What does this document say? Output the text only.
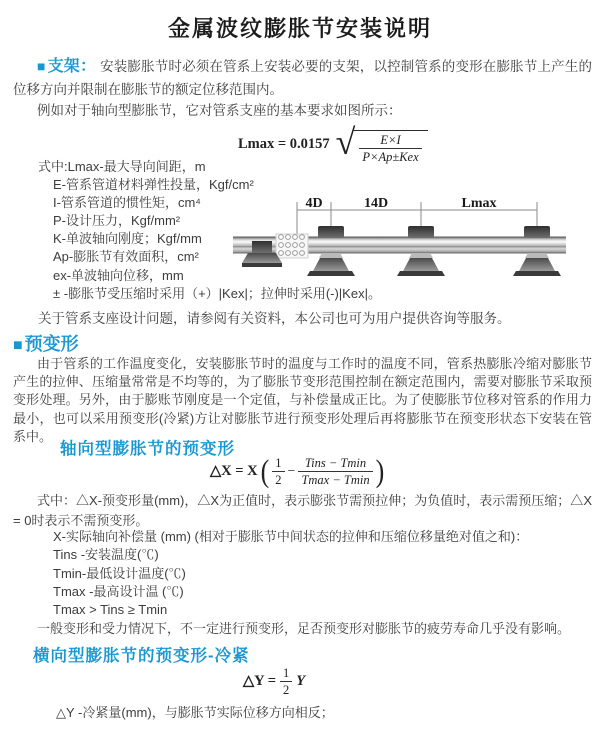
金属波纹膨胀节安装说明
■ 支架： 安装膨胀节时必须在管系上安装必要的支架，以控制管系的变形在膨胀节上产生的位移方向并限制在膨胀节的额定位移范围内。
例如对于轴向型膨胀节，它对管系支座的基本要求如图所示：
Lmax = 0.0157 √ $\frac{E\times I}{\text{P×Ap±Kex}}$
式中:Lmax-最大导向间距，m
E-管系管道材料弹性投量，Kgf/cm²
I-管系管道的惯性矩，cm⁴
P-设计压力，Kgf/mm²
K-单波轴向刚度；Kgf/mm
Ap-膨胀节有效面积，cm²
ex-单波轴向位移，mm
± -膨胀节受压缩时采用（+）|Kex|；拉伸时采用(-)|Kex|。
4D	14D	Lmax
关于管系支座设计问题，请参阅有关资料，本公司也可为用户提供咨询等服务。
■ 预变形
由于管系的工作温度变化，安装膨胀节时的温度与工作时的温度不同，管系热膨胀冷缩对膨胀节产生的拉伸、压缩量常常是不均等的，为了膨胀节变形范围控制在额定范围内，需要对膨胀节采取预变形处理。另外，由于膨账节刚度是一个定值，与补偿量成正比。为了使膨胀节位移对管系的作用力最小，也可以采用预变形(冷紧)方让对膨胀节进行预变形处理后再将膨胀节在预变形状态下安装在管系中。
轴向型膨胀节的预变形
△X = X ( $\frac{1}{2} - \frac{\text{Tins − Tmin}}{Tmax - Tmin}$ )
式中：△X-预变形量(mm)，△X为正值时，表示膨张节需预拉伸；为负值时，表示需预压缩；△X = 0时表示不需预变形。
X-实际轴向补偿量 (mm) (相对于膨胀节中间状态的拉伸和压缩位移量绝对值之和)：
Tins -安装温度(℃)
Tmin-最低设计温度(℃)
Tmax -最高设计温 (℃)
Tmax > Tins ≥ Tmin
一般变形和受力情况下，不一定进行预变形，足否预变形对膨胀节的疲劳寿命几乎没有影响。
横向型膨胀节的预变形-冷紧
△Y = $\frac{1}{2}$ Y
△Y -冷紧量(mm)，与膨胀节实际位移方向相反；
